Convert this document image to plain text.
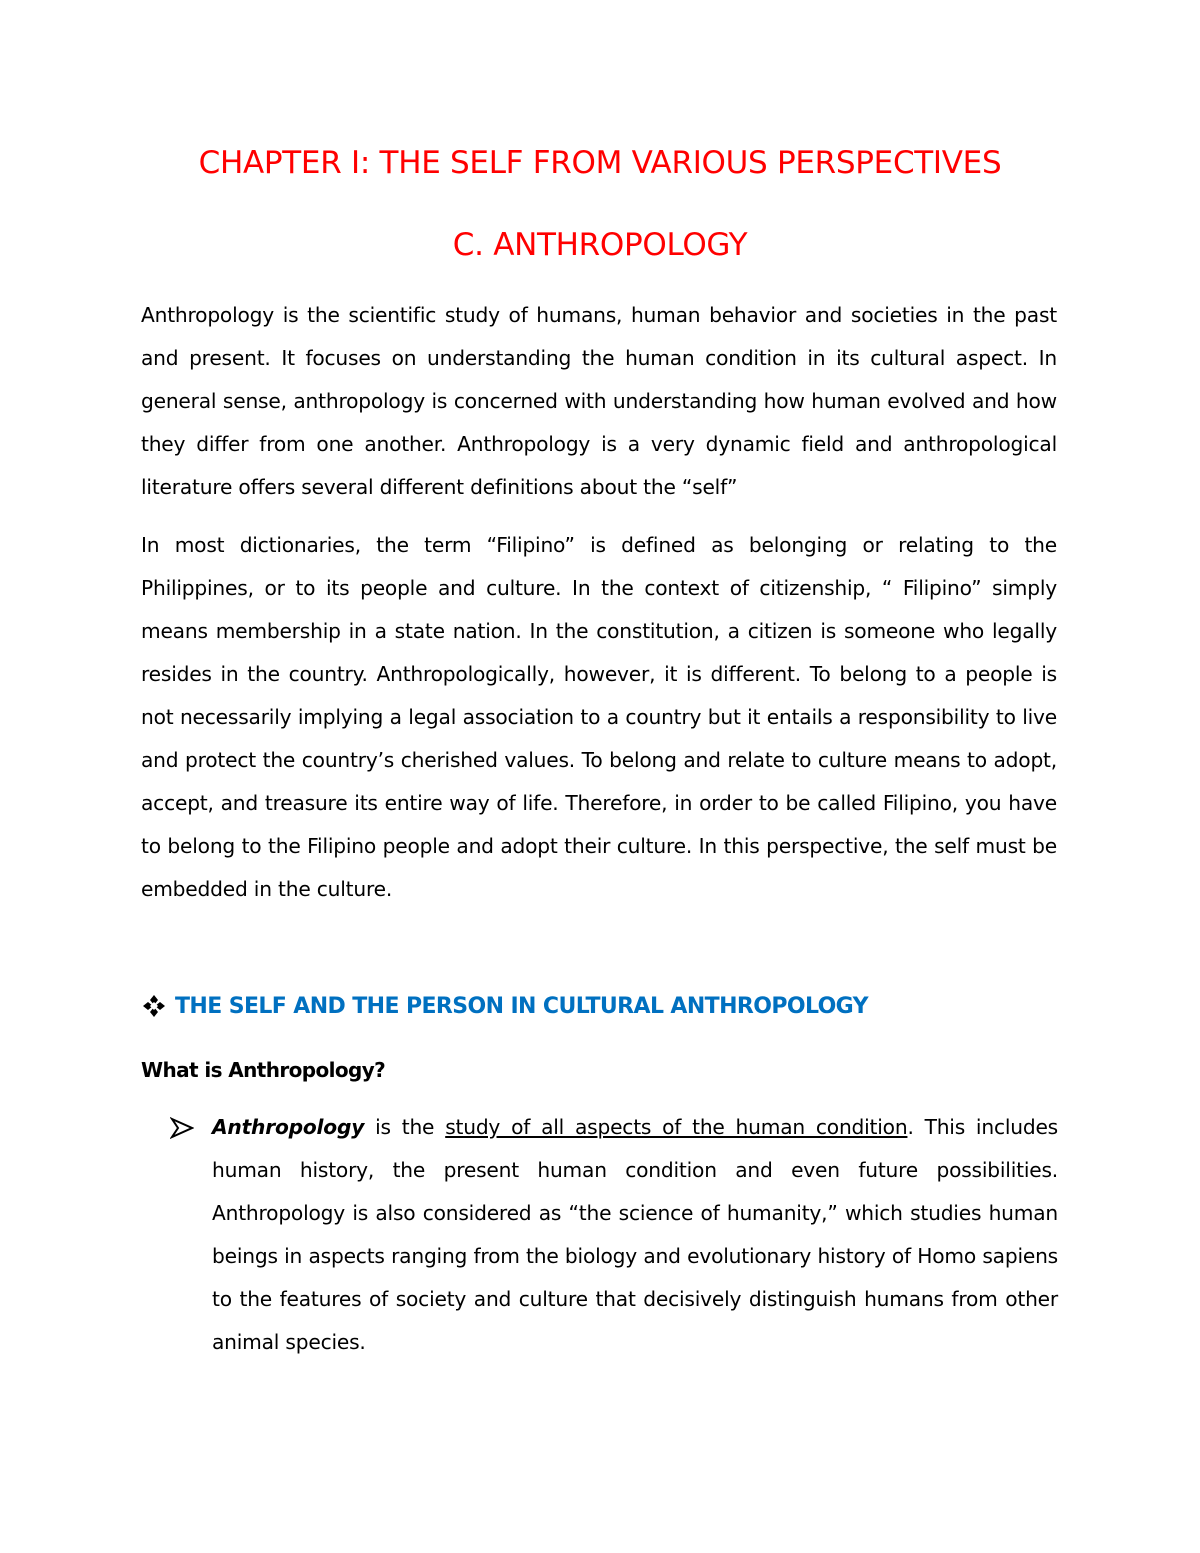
CHAPTER I: THE SELF FROM VARIOUS PERSPECTIVES
C. ANTHROPOLOGY

Anthropology is the scientific study of humans, human behavior and societies in the past and present. It focuses on understanding the human condition in its cultural aspect. In general sense, anthropology is concerned with understanding how human evolved and how they differ from one another. Anthropology is a very dynamic field and anthropological literature offers several different definitions about the “self”

In most dictionaries, the term “Filipino” is defined as belonging or relating to the Philippines, or to its people and culture. In the context of citizenship, “ Filipino” simply means membership in a state nation. In the constitution, a citizen is someone who legally resides in the country. Anthropologically, however, it is different. To belong to a people is not necessarily implying a legal association to a country but it entails a responsibility to live and protect the country’s cherished values. To belong and relate to culture means to adopt, accept, and treasure its entire way of life. Therefore, in order to be called Filipino, you have to belong to the Filipino people and adopt their culture. In this perspective, the self must be embedded in the culture.

THE SELF AND THE PERSON IN CULTURAL ANTHROPOLOGY

What is Anthropology?

Anthropology is the study of all aspects of the human condition. This includes human history, the present human condition and even future possibilities. Anthropology is also considered as “the science of humanity,” which studies human beings in aspects ranging from the biology and evolutionary history of Homo sapiens to the features of society and culture that decisively distinguish humans from other animal species.
